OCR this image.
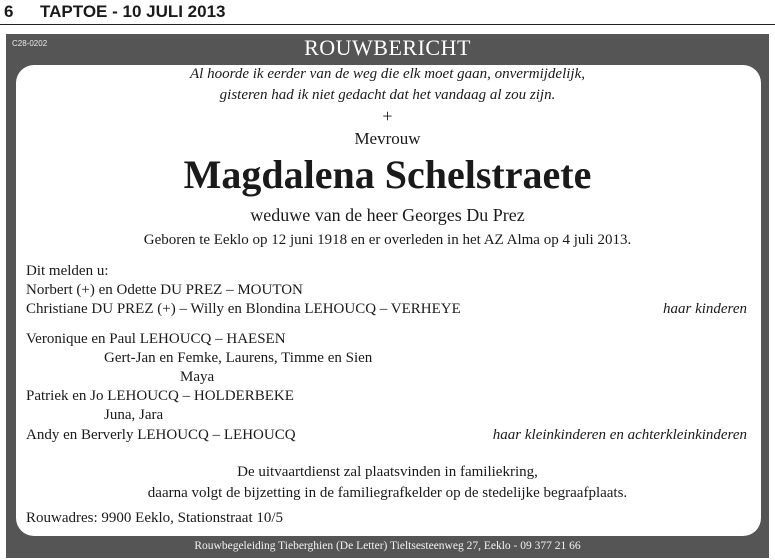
6 TAPTOE - 10 JULI 2013
C28-0202	ROUWBERICHT
Al hoorde ik eerder van de weg die elk moet gaan, onvermijdelijk,
gisteren had ik niet gedacht dat het vandaag al zou zijn.
+
Mevrouw
Magdalena Schelstraete
weduwe van de heer Georges Du Prez
Geboren te Eeklo op 12 juni 1918 en er overleden in het AZ Alma op 4 juli 2013.
Dit melden u:
Norbert (+) en Odette DU PREZ – MOUTON
Christiane DU PREZ (+) – Willy en Blondina LEHOUCQ – VERHEYE	haar kinderen
Veronique en Paul LEHOUCQ – HAESEN
Gert-Jan en Femke, Laurens, Timme en Sien
Maya
Patriek en Jo LEHOUCQ – HOLDERBEKE
Juna, Jara
Andy en Berverly LEHOUCQ – LEHOUCQ	haar kleinkinderen en achterkleinkinderen
De uitvaartdienst zal plaatsvinden in familiekring,
daarna volgt de bijzetting in de familiegrafkelder op de stedelijke begraafplaats.
Rouwadres: 9900 Eeklo, Stationstraat 10/5
Rouwbegeleiding Tieberghien (De Letter) Tieltsesteenweg 27, Eeklo - 09 377 21 66
